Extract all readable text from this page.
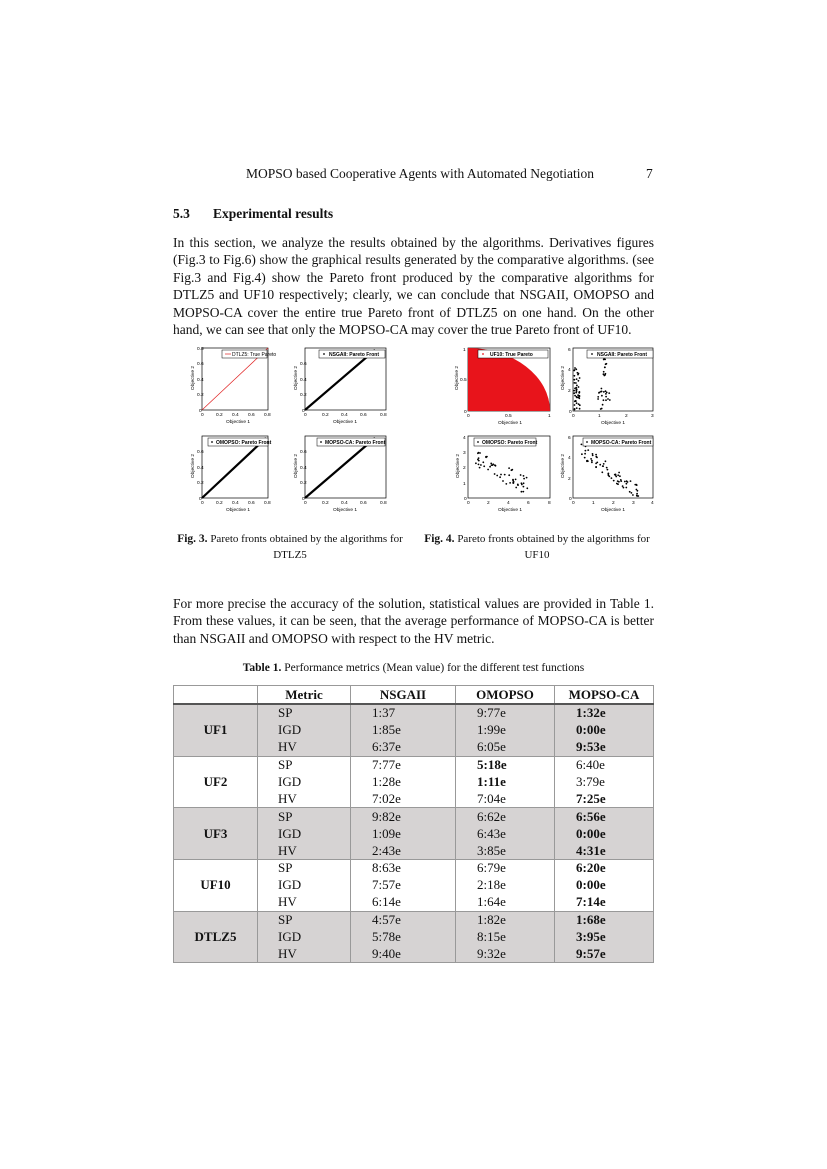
MOPSO based Cooperative Agents with Automated Negotiation	7
5.3 Experimental results
In this section, we analyze the results obtained by the algorithms. Derivatives figures (Fig.3 to Fig.6) show the graphical results generated by the comparative algorithms. (see Fig.3 and Fig.4) show the Pareto front produced by the comparative algorithms for DTLZ5 and UF10 respectively; clearly, we can conclude that NSGAII, OMOPSO and MOPSO-CA cover the entire true Pareto front of DTLZ5 on one hand. On the other hand, we can see that only the MOPSO-CA may cover the true Pareto front of UF10.
DTLZ5: True Pareto
0.8
0.6
0.4
0.2
0
0	0.2 0.4 0.6 0.8
Objective 1
Objective 2
NSGAII: Pareto Front
0.6
0.4
0.2
0
0	0.2	0.4	0.6	0.8
Objective 1
Objective 2
OMOPSO: Pareto Front
0.6
0.4
0.2
0
0	0.2 0.4 0.6 0.8
Objective 1
Objective 2
MOPSO-CA: Pareto Front
0.6
0.4
0.2
0
0	0.2	0.4	0.6	0.8
Objective 1
Objective 2
UF10: True Pareto
1
0.5
0
0	0.5	1
Objective 1
Objective 2
NSGAII: Pareto Front
6
4
2
0
0	1	2	3
Objective 1
Objective 2
OMOPSO: Pareto Front
4
3
2
1
0
0	2	4	6	8
Objective 1
Objective 2
MOPSO-CA: Pareto Front
6
4
2
0
0	1	2	3	4
Objective 1
Objective 2
Fig. 3. Pareto fronts obtained by the algorithms for DTLZ5
Fig. 4. Pareto fronts obtained by the algorithms for UF10
For more precise the accuracy of the solution, statistical values are provided in Table 1. From these values, it can be seen, that the average performance of MOPSO-CA is better than NSGAII and OMOPSO with respect to the HV metric.
Table 1. Performance metrics (Mean value) for the different test functions
	Metric	NSGAII	OMOPSO	MOPSO-CA
UF1	SP	1:37	9:77e	1:32e
	IGD	1:85e	1:99e	0:00e
	HV	6:37e	6:05e	9:53e
UF2	SP	7:77e	5:18e	6:40e
	IGD	1:28e	1:11e	3:79e
	HV	7:02e	7:04e	7:25e
UF3	SP	9:82e	6:62e	6:56e
	IGD	1:09e	6:43e	0:00e
	HV	2:43e	3:85e	4:31e
UF10	SP	8:63e	6:79e	6:20e
	IGD	7:57e	2:18e	0:00e
	HV	6:14e	1:64e	7:14e
DTLZ5	SP	4:57e	1:82e	1:68e
	IGD	5:78e	8:15e	3:95e
	HV	9:40e	9:32e	9:57e
